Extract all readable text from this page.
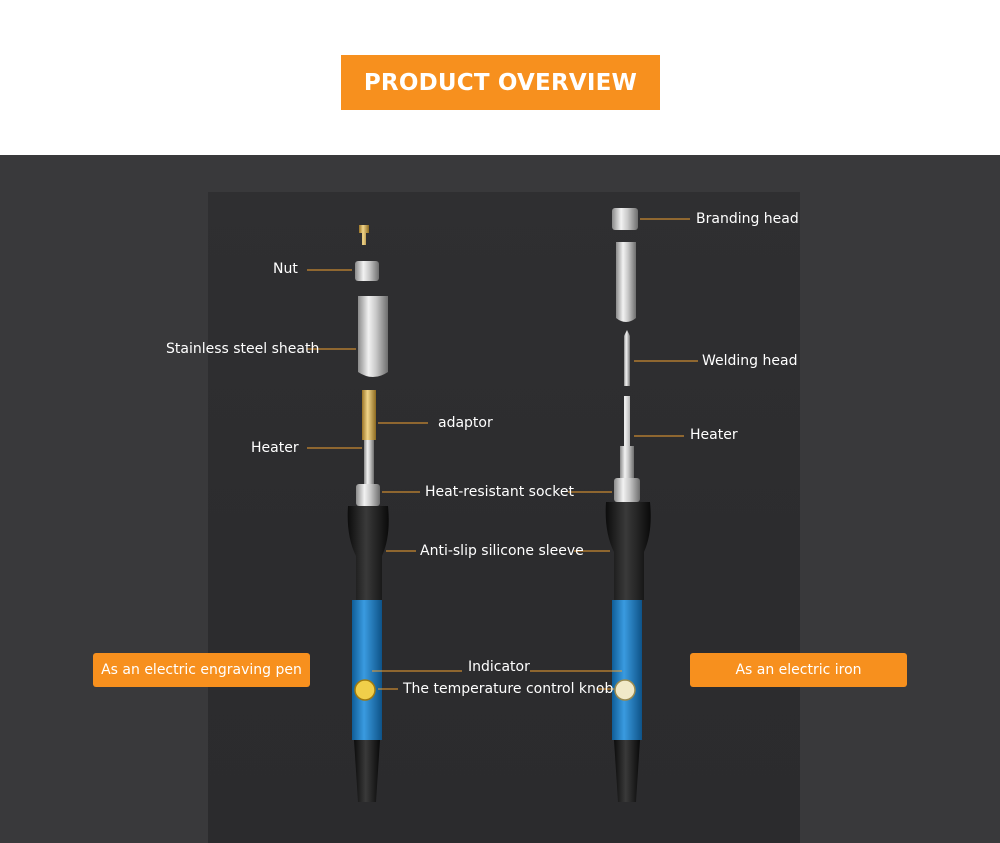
PRODUCT OVERVIEW
Nut
Stainless steel sheath
adaptor
Heater
Heat-resistant socket
Anti-slip silicone sleeve
Indicator
The temperature control knob
Branding head
Welding head
Heater
As an electric engraving pen	As an electric iron
